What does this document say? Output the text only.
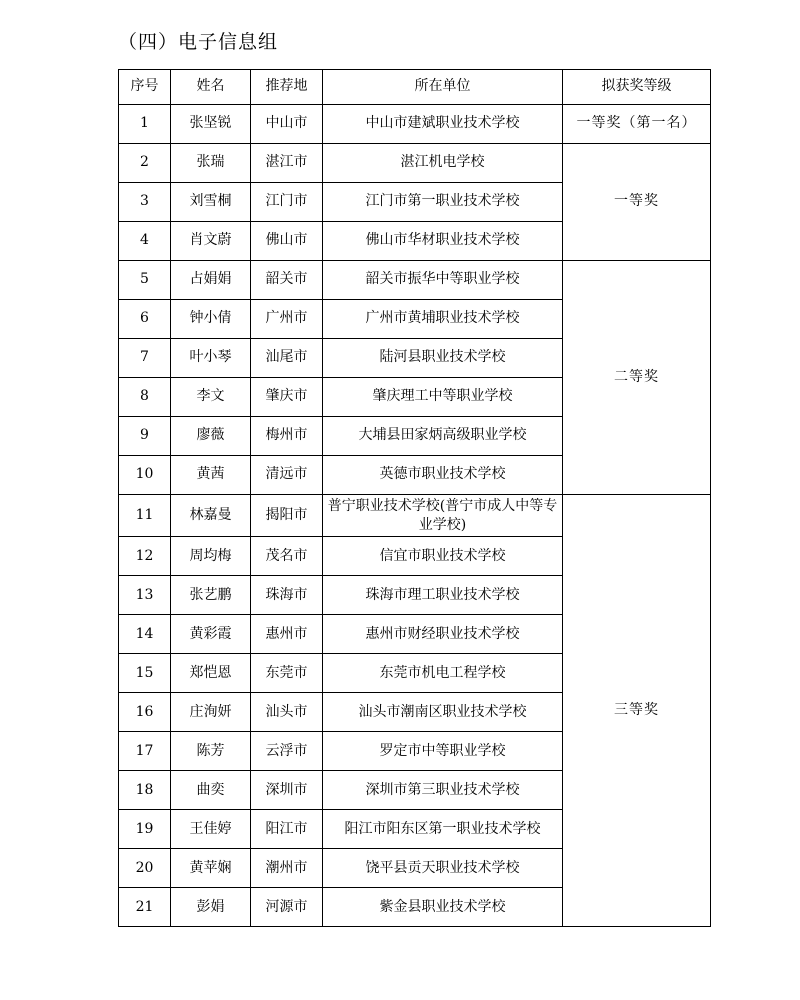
（四）电子信息组
序号	姓名	推荐地	所在单位	拟获奖等级
1	张坚锐	中山市	中山市建斌职业技术学校	一等奖（第一名）
2	张瑞	湛江市	湛江机电学校	一等奖
3	刘雪桐	江门市	江门市第一职业技术学校	
4	肖文蔚	佛山市	佛山市华材职业技术学校	
5	占娟娟	韶关市	韶关市振华中等职业学校	二等奖
6	钟小倩	广州市	广州市黄埔职业技术学校	
7	叶小琴	汕尾市	陆河县职业技术学校	
8	李文	肇庆市	肇庆理工中等职业学校	
9	廖薇	梅州市	大埔县田家炳高级职业学校	
10	黄茜	清远市	英德市职业技术学校	
11	林嘉曼	揭阳市	普宁职业技术学校(普宁市成人中等专业学校)	三等奖
12	周均梅	茂名市	信宜市职业技术学校	
13	张艺鹏	珠海市	珠海市理工职业技术学校	
14	黄彩霞	惠州市	惠州市财经职业技术学校	
15	郑恺恩	东莞市	东莞市机电工程学校	
16	庄洵妍	汕头市	汕头市潮南区职业技术学校	
17	陈芳	云浮市	罗定市中等职业学校	
18	曲奕	深圳市	深圳市第三职业技术学校	
19	王佳婷	阳江市	阳江市阳东区第一职业技术学校	
20	黄苹娴	潮州市	饶平县贡天职业技术学校	
21	彭娟	河源市	紫金县职业技术学校	
